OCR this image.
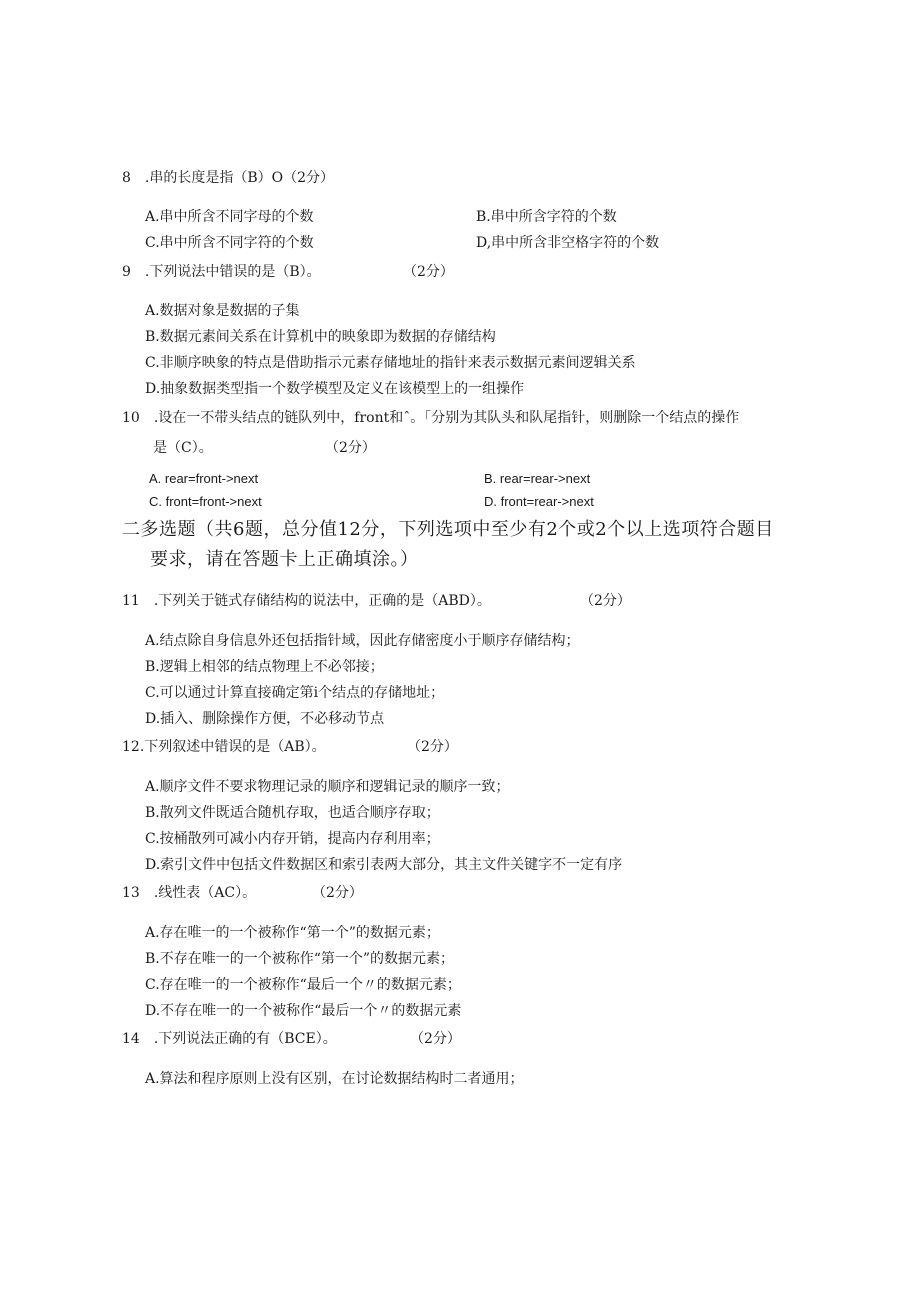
8　.串的长度是指（B）O（2分）
A.串中所含不同字母的个数	B.串中所含字符的个数
C.串中所含不同字符的个数	D,串中所含非空格字符的个数
9　.下列说法中错误的是（B）。	（2分）
A.数据对象是数据的子集
B.数据元素间关系在计算机中的映象即为数据的存储结构
C.非顺序映象的特点是借助指示元素存储地址的指针来表示数据元素间逻辑关系
D.抽象数据类型指一个数学模型及定义在该模型上的一组操作
10　.设在一不带头结点的链队列中，front和ˆ。「分别为其队头和队尾指针，则删除一个结点的操作
是（C）。	（2分）
A. rear=front->next	B. rear=rear->next
C. front=front->next	D. front=rear->next
二多选题（共6题，总分值12分，下列选项中至少有2个或2个以上选项符合题目
要求，请在答题卡上正确填涂。）
11　.下列关于链式存储结构的说法中，正确的是（ABD）。	（2分）
A.结点除自身信息外还包括指针域，因此存储密度小于顺序存储结构；
B.逻辑上相邻的结点物理上不必邻接；
C.可以通过计算直接确定第i个结点的存储地址；
D.插入、删除操作方便，不必移动节点
12.下列叙述中错误的是（AB）。	（2分）
A.顺序文件不要求物理记录的顺序和逻辑记录的顺序一致；
B.散列文件既适合随机存取，也适合顺序存取；
C.按桶散列可减小内存开销，提高内存利用率；
D.索引文件中包括文件数据区和索引表两大部分，其主文件关键字不一定有序
13　.线性表（AC）。	（2分）
A.存在唯一的一个被称作“第一个”的数据元素；
B.不存在唯一的一个被称作“第一个”的数据元素；
C.存在唯一的一个被称作“最后一个〃的数据元素；
D.不存在唯一的一个被称作“最后一个〃的数据元素
14　.下列说法正确的有（BCE）。	（2分）
A.算法和程序原则上没有区别，在讨论数据结构时二者通用；
